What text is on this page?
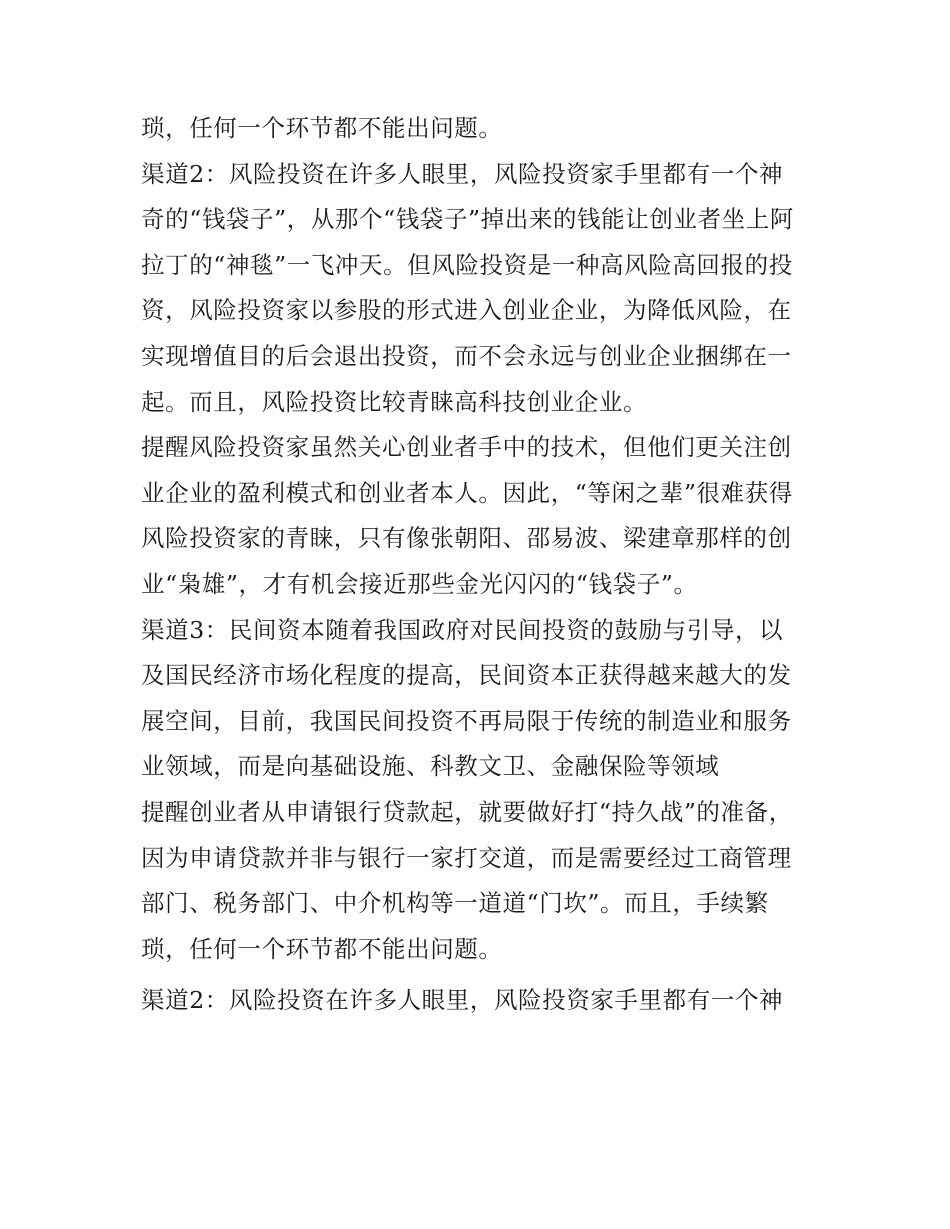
琐，任何一个环节都不能出问题。
渠道2：风险投资在许多人眼里，风险投资家手里都有一个神
奇的“钱袋子”，从那个“钱袋子”掉出来的钱能让创业者坐上阿
拉丁的“神毯”一飞冲天。但风险投资是一种高风险高回报的投
资，风险投资家以参股的形式进入创业企业，为降低风险，在
实现增值目的后会退出投资，而不会永远与创业企业捆绑在一
起。而且，风险投资比较青睐高科技创业企业。
提醒风险投资家虽然关心创业者手中的技术，但他们更关注创
业企业的盈利模式和创业者本人。因此，“等闲之辈”很难获得
风险投资家的青睐，只有像张朝阳、邵易波、梁建章那样的创
业“枭雄”，才有机会接近那些金光闪闪的“钱袋子”。
渠道3：民间资本随着我国政府对民间投资的鼓励与引导，以
及国民经济市场化程度的提高，民间资本正获得越来越大的发
展空间，目前，我国民间投资不再局限于传统的制造业和服务
业领域，而是向基础设施、科教文卫、金融保险等领域
提醒创业者从申请银行贷款起，就要做好打“持久战”的准备，
因为申请贷款并非与银行一家打交道，而是需要经过工商管理
部门、税务部门、中介机构等一道道“门坎”。而且，手续繁
琐，任何一个环节都不能出问题。
渠道2：风险投资在许多人眼里，风险投资家手里都有一个神
